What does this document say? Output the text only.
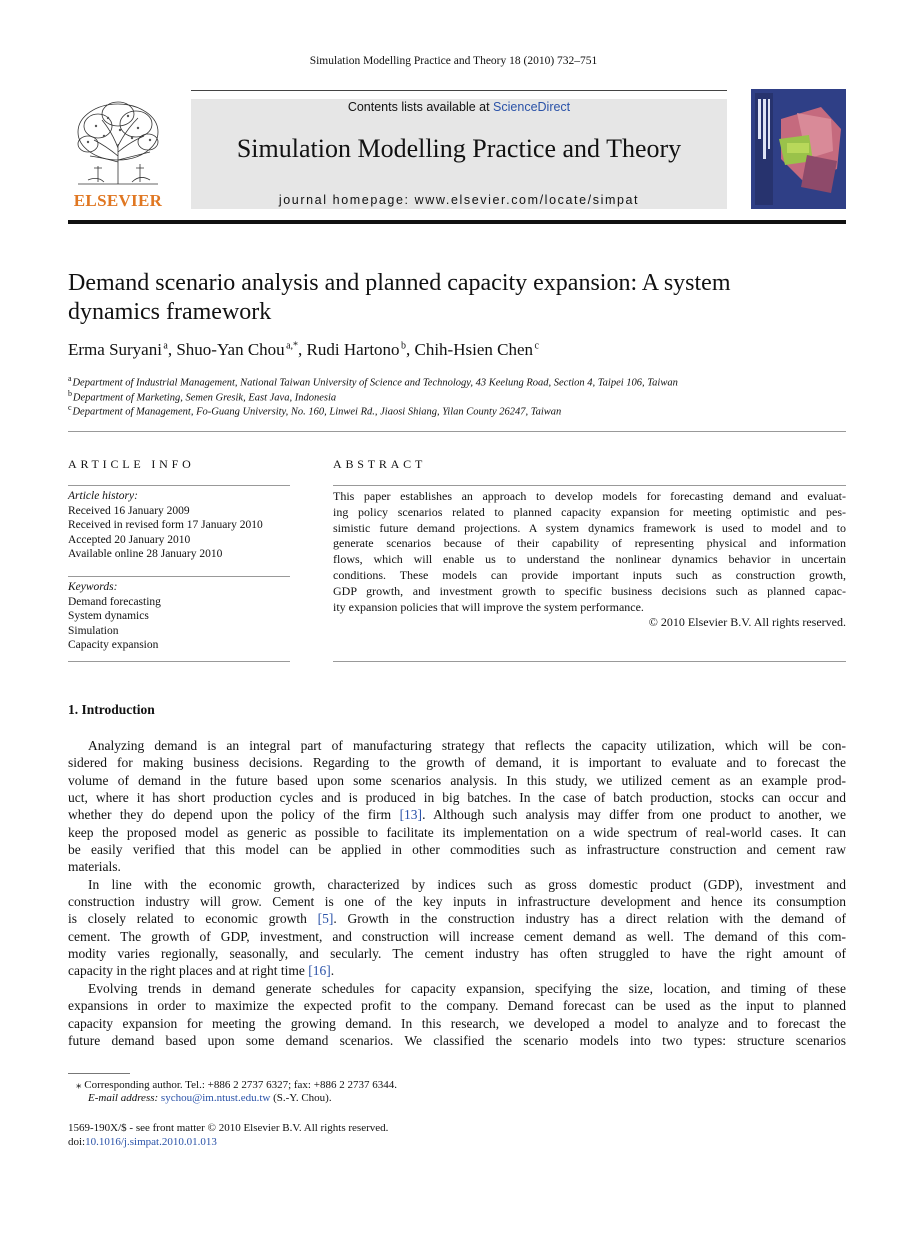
Simulation Modelling Practice and Theory 18 (2010) 732–751
ELSEVIER
Contents lists available at ScienceDirect
Simulation Modelling Practice and Theory
journal homepage: www.elsevier.com/locate/simpat
Demand scenario analysis and planned capacity expansion: A system
dynamics framework
Erma Suryani $^a$, Shuo-Yan Chou $^{a,*}$, Rudi Hartono $^b$, Chih-Hsien Chen $^c$
$^a$ Department of Industrial Management, National Taiwan University of Science and Technology, 43 Keelung Road, Section 4, Taipei 106, Taiwan
$^b$ Department of Marketing, Semen Gresik, East Java, Indonesia
$^c$ Department of Management, Fo-Guang University, No. 160, Linwei Rd., Jiaosi Shiang, Yilan County 26247, Taiwan
ARTICLE INFO
Article history:
Received 16 January 2009
Received in revised form 17 January 2010
Accepted 20 January 2010
Available online 28 January 2010
Keywords:
Demand forecasting
System dynamics
Simulation
Capacity expansion
ABSTRACT
This paper establishes an approach to develop models for forecasting demand and evaluat-
ing policy scenarios related to planned capacity expansion for meeting optimistic and pes-
simistic future demand projections. A system dynamics framework is used to model and to
generate scenarios because of their capability of representing physical and information
flows, which will enable us to understand the nonlinear dynamics behavior in uncertain
conditions. These models can provide important inputs such as construction growth,
GDP growth, and investment growth to specific business decisions such as planned capac-
ity expansion policies that will improve the system performance.
© 2010 Elsevier B.V. All rights reserved.
1. Introduction
Analyzing demand is an integral part of manufacturing strategy that reflects the capacity utilization, which will be con-
sidered for making business decisions. Regarding to the growth of demand, it is important to evaluate and to forecast the
volume of demand in the future based upon some scenarios analysis. In this study, we utilized cement as an example prod-
uct, where it has short production cycles and is produced in big batches. In the case of batch production, stocks can occur and
whether they do depend upon the policy of the firm [13]. Although such analysis may differ from one product to another, we
keep the proposed model as generic as possible to facilitate its implementation on a wide spectrum of real-world cases. It can
be easily verified that this model can be applied in other commodities such as infrastructure construction and cement raw
materials.
In line with the economic growth, characterized by indices such as gross domestic product (GDP), investment and
construction industry will grow. Cement is one of the key inputs in infrastructure development and hence its consumption
is closely related to economic growth [5]. Growth in the construction industry has a direct relation with the demand of
cement. The growth of GDP, investment, and construction will increase cement demand as well. The demand of this com-
modity varies regionally, seasonally, and secularly. The cement industry has often struggled to have the right amount of
capacity in the right places and at right time [16].
Evolving trends in demand generate schedules for capacity expansion, specifying the size, location, and timing of these
expansions in order to maximize the expected profit to the company. Demand forecast can be used as the input to planned
capacity expansion for meeting the growing demand. In this research, we developed a model to analyze and to forecast the
future demand based upon some demand scenarios. We classified the scenario models into two types: structure scenarios
⁎ Corresponding author. Tel.: +886 2 2737 6327; fax: +886 2 2737 6344.
E-mail address: sychou@im.ntust.edu.tw (S.-Y. Chou).
1569-190X/$ - see front matter © 2010 Elsevier B.V. All rights reserved.
doi:10.1016/j.simpat.2010.01.013
